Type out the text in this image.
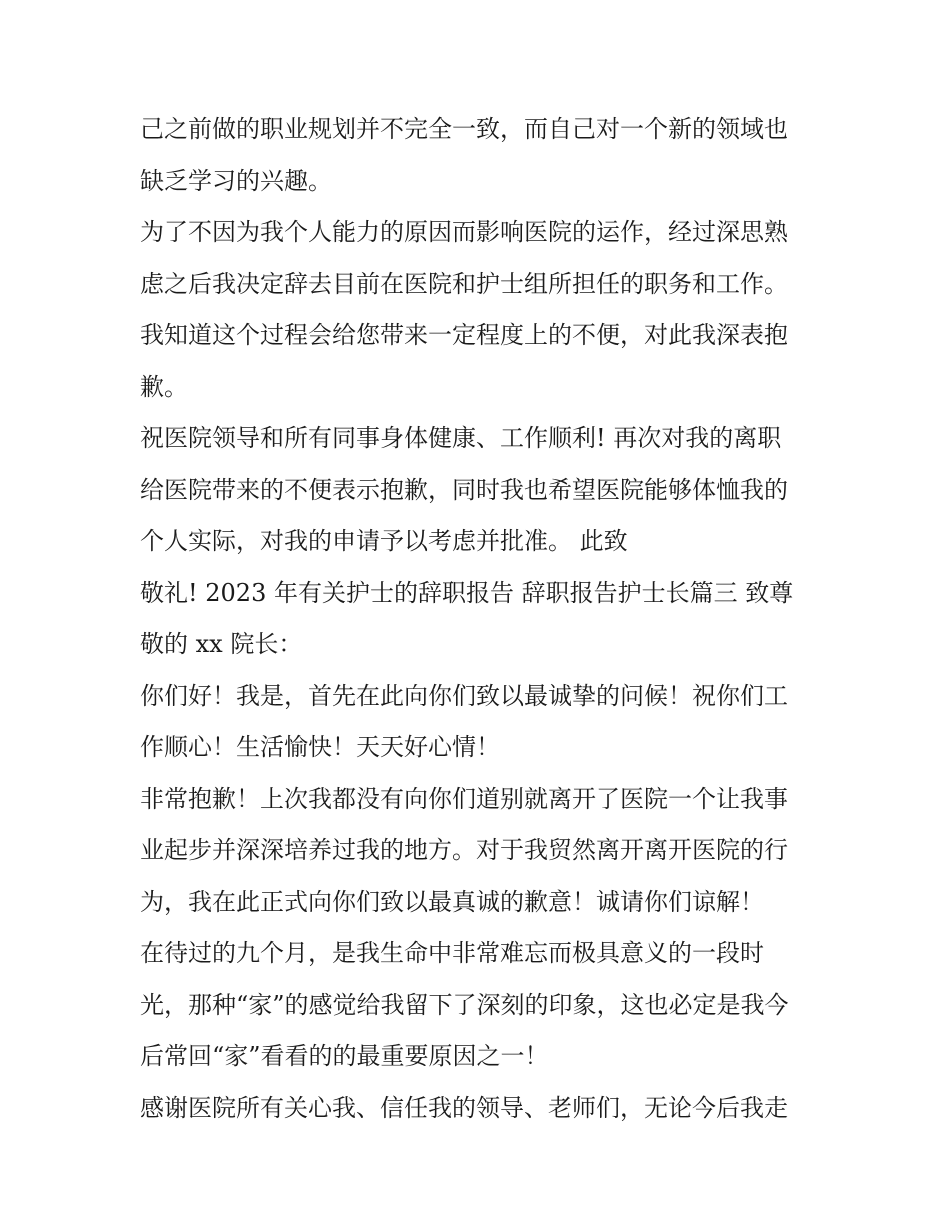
己之前做的职业规划并不完全一致，而自己对一个新的领域也
缺乏学习的兴趣。
为了不因为我个人能力的原因而影响医院的运作，经过深思熟
虑之后我决定辞去目前在医院和护士组所担任的职务和工作。
我知道这个过程会给您带来一定程度上的不便，对此我深表抱
歉。
祝医院领导和所有同事身体健康、工作顺利! 再次对我的离职
给医院带来的不便表示抱歉，同时我也希望医院能够体恤我的
个人实际，对我的申请予以考虑并批准。 此致
敬礼! 2023 年有关护士的辞职报告 辞职报告护士长篇三 致尊
敬的 xx 院长：
你们好！我是，首先在此向你们致以最诚挚的问候！祝你们工
作顺心！生活愉快！天天好心情！
非常抱歉！上次我都没有向你们道别就离开了医院一个让我事
业起步并深深培养过我的地方。对于我贸然离开离开医院的行
为，我在此正式向你们致以最真诚的歉意！诚请你们谅解！
在待过的九个月，是我生命中非常难忘而极具意义的一段时
光，那种“家”的感觉给我留下了深刻的印象，这也必定是我今
后常回“家”看看的的最重要原因之一！
感谢医院所有关心我、信任我的领导、老师们，无论今后我走
